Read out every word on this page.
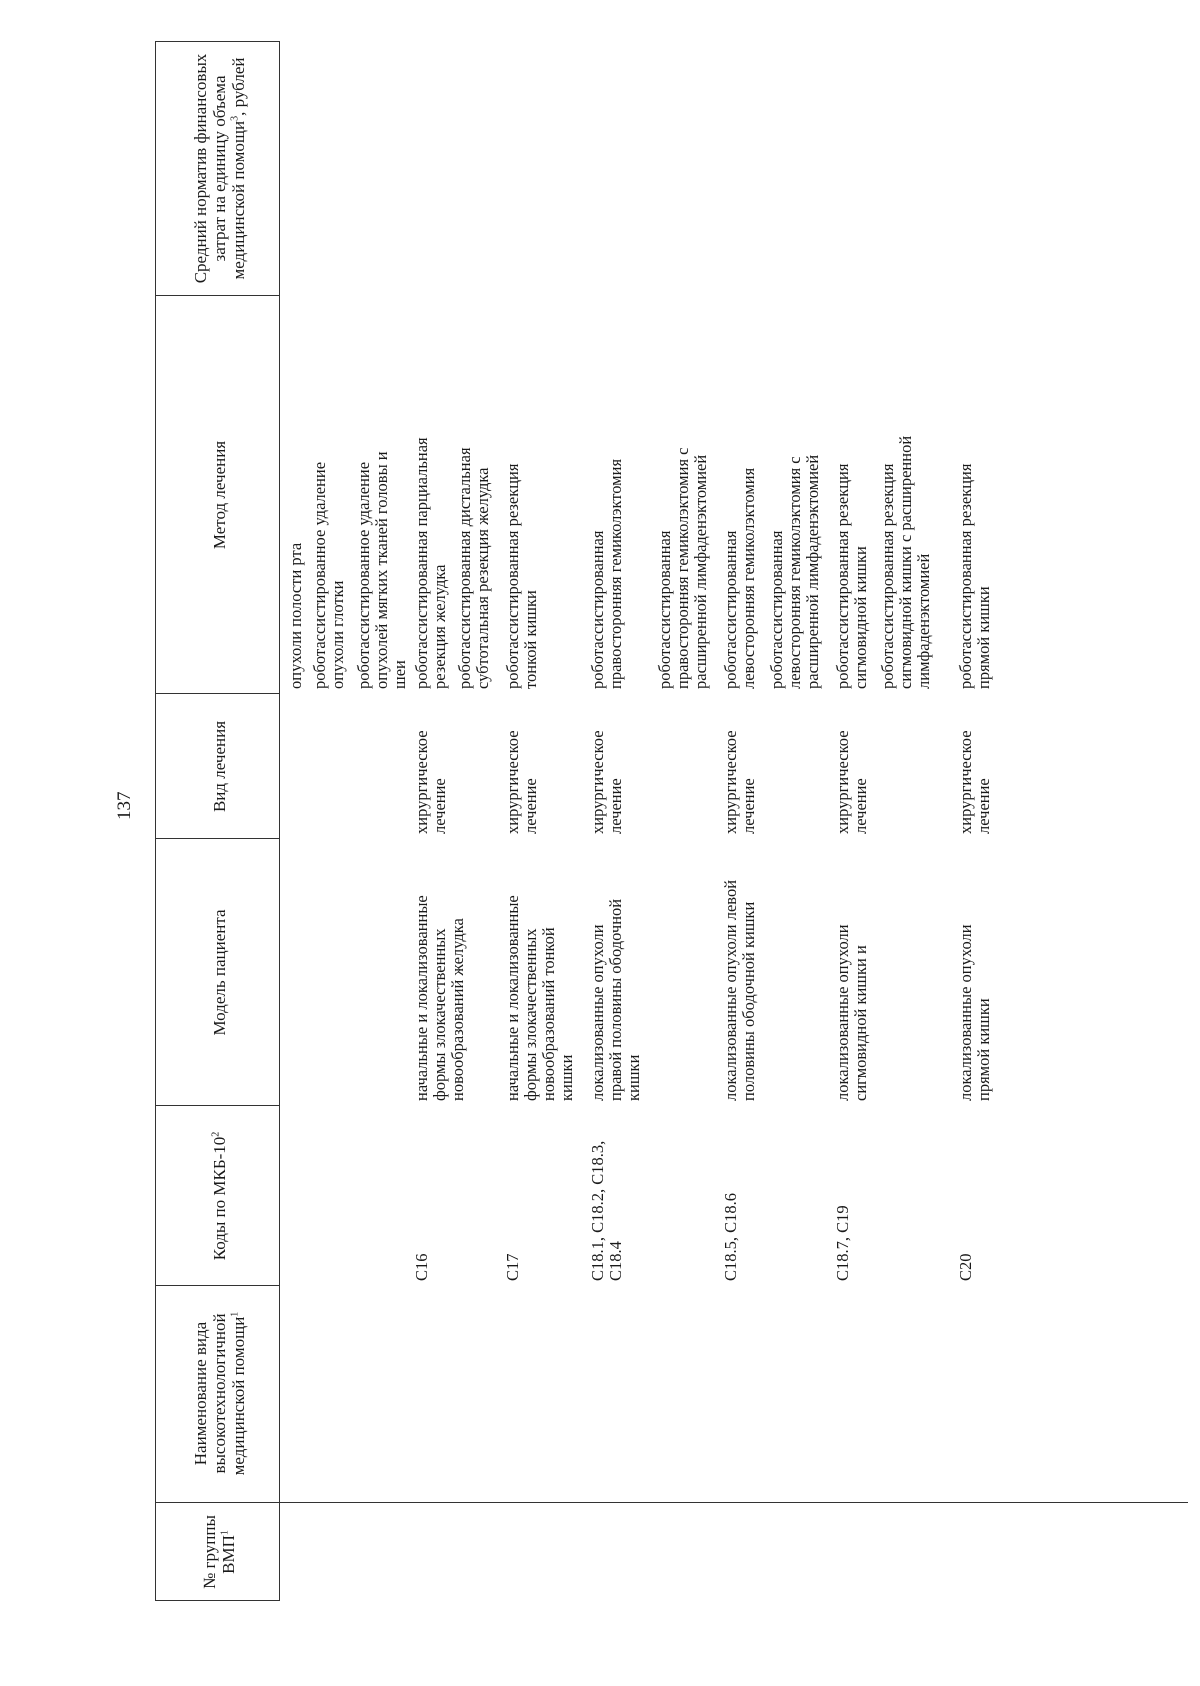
137
№ группы ВМП$^1$
Наименование вида высокотехнологичной медицинской помощи$^1$
Коды по МКБ-$10^2$
Модель пациента
Вид лечения
Метод лечения
Средний норматив финансовых затрат на единицу объема медицинской помощи$^3$, рублей
опухоли полости рта роботассистированное удаление
опухоли глотки роботассистированное удаление
опухолей мягких тканей головы и
шеи
C16
начальные и локализованные
формы злокачественных
новообразований желудка
хирургическое
лечение
роботассистированная парциальная
резекция желудка роботассистированная дистальная
субтотальная резекция желудка
C17
начальные и локализованные
формы злокачественных
новообразований тонкой
кишки
хирургическое
лечение
роботассистированная резекция
тонкой кишки
C18.1, C18.2, C18.3,
C18.4
локализованные опухоли
правой половины ободочной
кишки
хирургическое
лечение
роботассистированная
правосторонняя гемиколэктомия
роботассистированная
правосторонняя гемиколэктомия с
расширенной лимфаденэктомией
C18.5, C18.6
локализованные опухоли левой
половины ободочной кишки
хирургическое
лечение
роботассистированная
левосторонняя гемиколэктомия
роботассистированная
левосторонняя гемиколэктомия с
расширенной лимфаденэктомией
C18.7, C19
локализованные опухоли
сигмовидной кишки и
хирургическое
лечение
роботассистированная резекция
сигмовидной кишки роботассистированная резекция
сигмовидной кишки с расширенной
лимфаденэктомией
C20
локализованные опухоли
прямой кишки
хирургическое
лечение
роботассистированная резекция
прямой кишки
